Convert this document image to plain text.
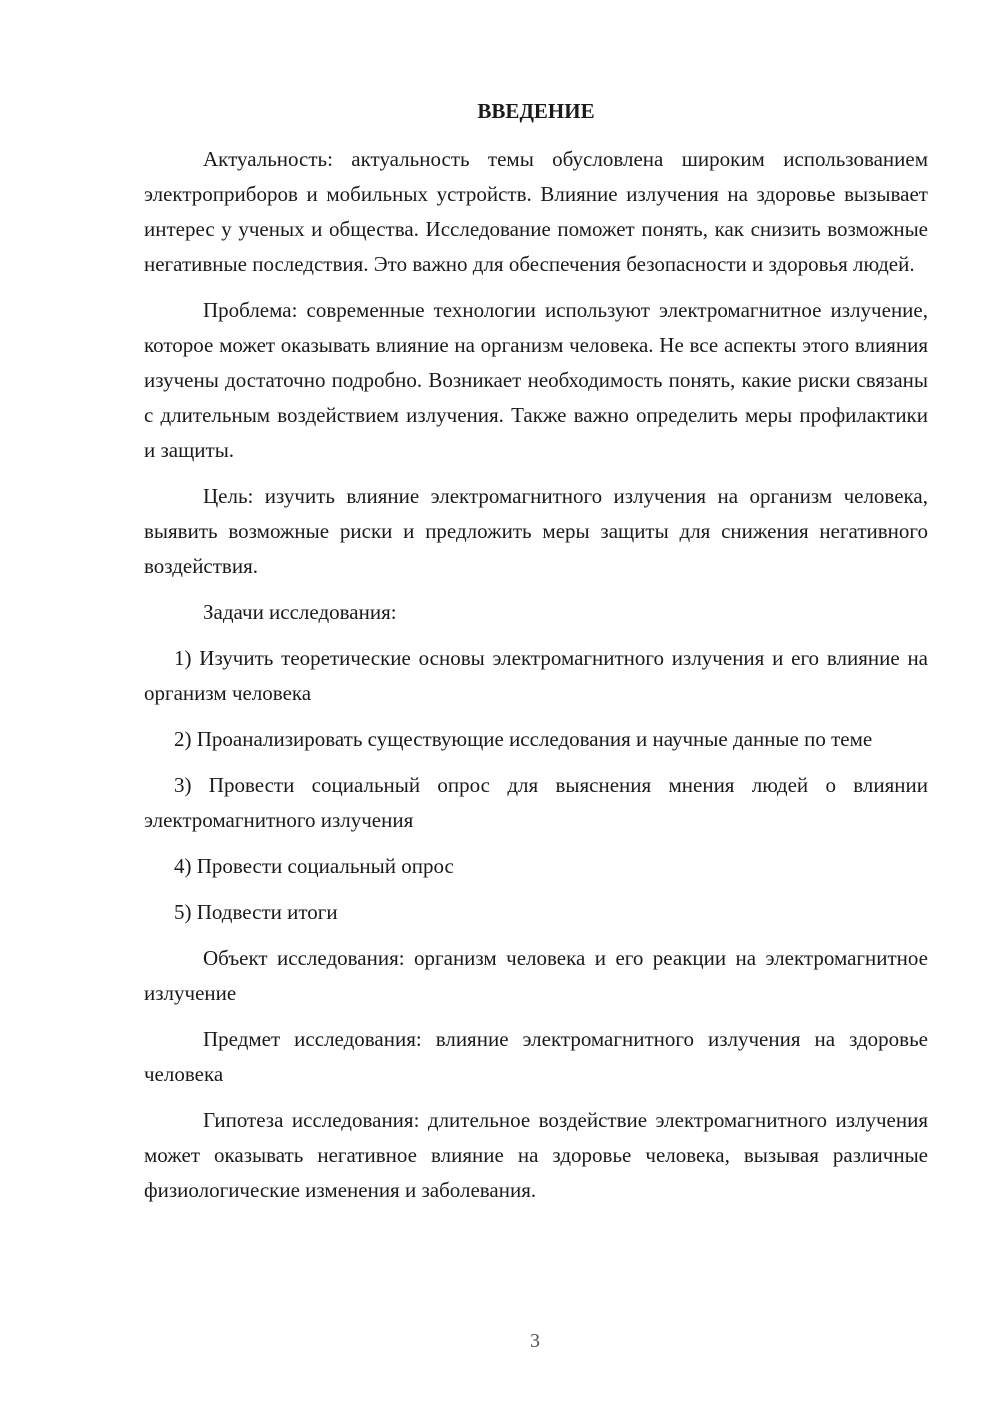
ВВЕДЕНИЕ

Актуальность: актуальность темы обусловлена широким использованием электроприборов и мобильных устройств. Влияние излучения на здоровье вызывает интерес у ученых и общества. Исследование поможет понять, как снизить возможные негативные последствия. Это важно для обеспечения безопасности и здоровья людей.

Проблема: современные технологии используют электромагнитное излучение, которое может оказывать влияние на организм человека. Не все аспекты этого влияния изучены достаточно подробно. Возникает необходимость понять, какие риски связаны с длительным воздействием излучения. Также важно определить меры профилактики и защиты.

Цель: изучить влияние электромагнитного излучения на организм человека, выявить возможные риски и предложить меры защиты для снижения негативного воздействия.

Задачи исследования:

1) Изучить теоретические основы электромагнитного излучения и его влияние на организм человека

2) Проанализировать существующие исследования и научные данные по теме

3) Провести социальный опрос для выяснения мнения людей о влиянии электромагнитного излучения

4) Провести социальный опрос

5) Подвести итоги

Объект исследования: организм человека и его реакции на электромагнитное излучение

Предмет исследования: влияние электромагнитного излучения на здоровье человека

Гипотеза исследования: длительное воздействие электромагнитного излучения может оказывать негативное влияние на здоровье человека, вызывая различные физиологические изменения и заболевания.

3
